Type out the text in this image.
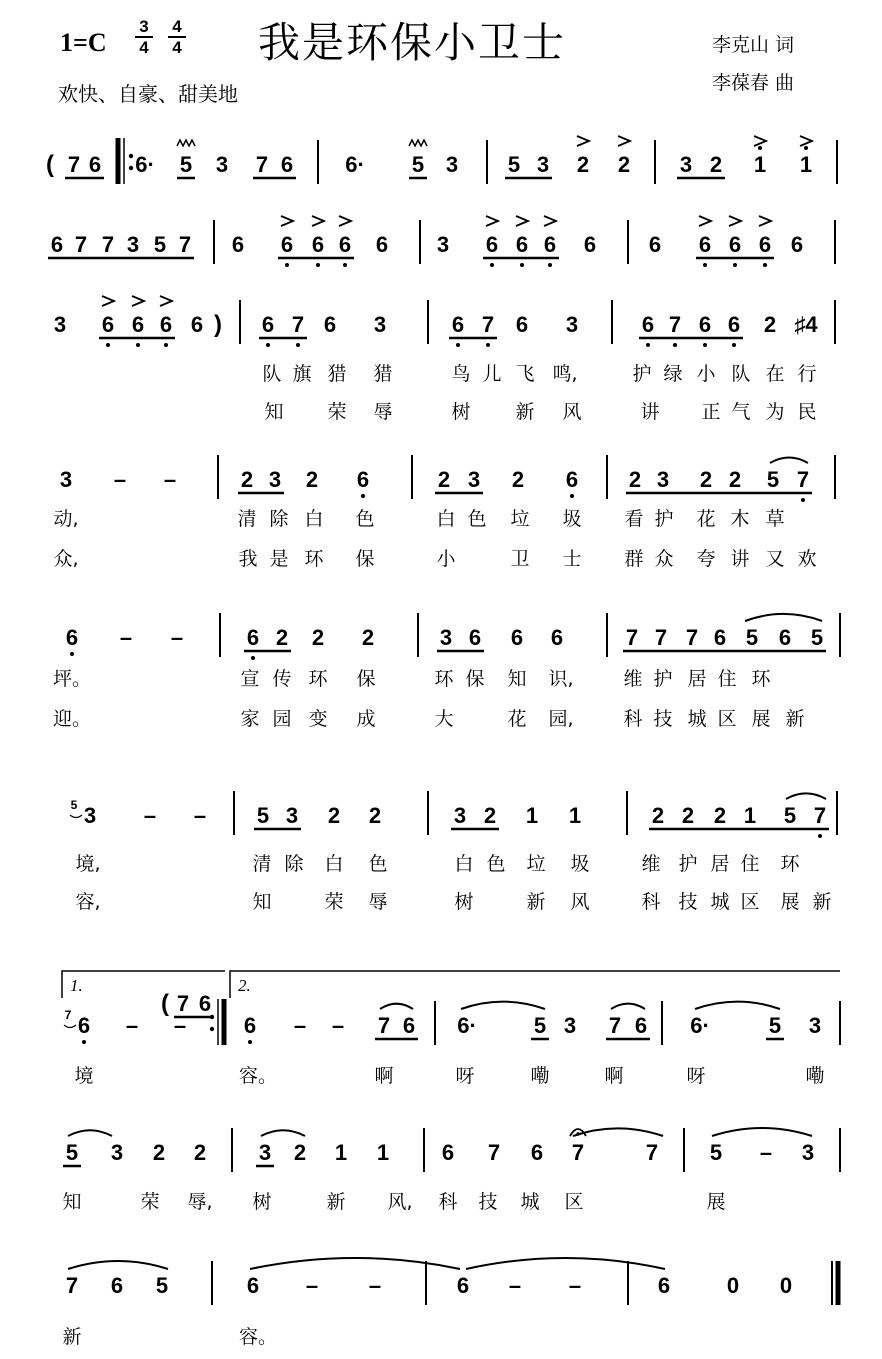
1=C
3
4
4
4 我是环保小卫士
欢快、自豪、甜美地
李克山 词
李葆春 曲
( 7 6 6· 5 3 7 6 6· 5 3 5 3 2 2 3 2 1 1
6 7 7 3 5 7 6 6 6 6 6 3 6 6 6 6 6 6 6 6 6
3 6 6 6 6 ) 6 7 6 3	6 7 6 3	6 7 6 6 2 ♯4
队 旗 猎 猎	鸟 儿 飞 鸣,	护 绿 小 队 在 行
知 荣 辱	树 新 风	讲 正 气 为 民
3 – –	2 3 2 6	2 3 2 6 2 3 2 2 5 7
动,	清 除 白 色	白 色 垃 圾 看 护 花 木 草
众,	我 是 环 保	小	卫 士 群 众 夸 讲 又 欢
6 – –	6 2 2 2	3 6 6 6	7 7 7 6 5 6 5
坪。	宣 传 环 保	环 保 知 识,	维 护 居 住 环
迎。	家 园 变 成	大	花 园,	科 技 城 区 展 新
3
5	– – 5 3 2 2	3 2 1 1	2 2 2 1 5 7
境,	清 除 白 色	白 色 垃 圾	维 护 居 住 环
容,	知	荣 辱	树	新 风	科 技 城 区 展 新
1.	2.
6
7 –
( 7 6
–	6 – – 7 6 6·	5 3 7 6 6·	5 3
境	容。	啊	呀	嘞	啊	呀	嘞
5 3 2 2 3 2 1 1 6 7 6 7	7 5 – 3
知	荣 辱, 树	新 风, 科 技 城 区	展
7 6 5	6 – –	6 – –	6	0 0
新	容。
